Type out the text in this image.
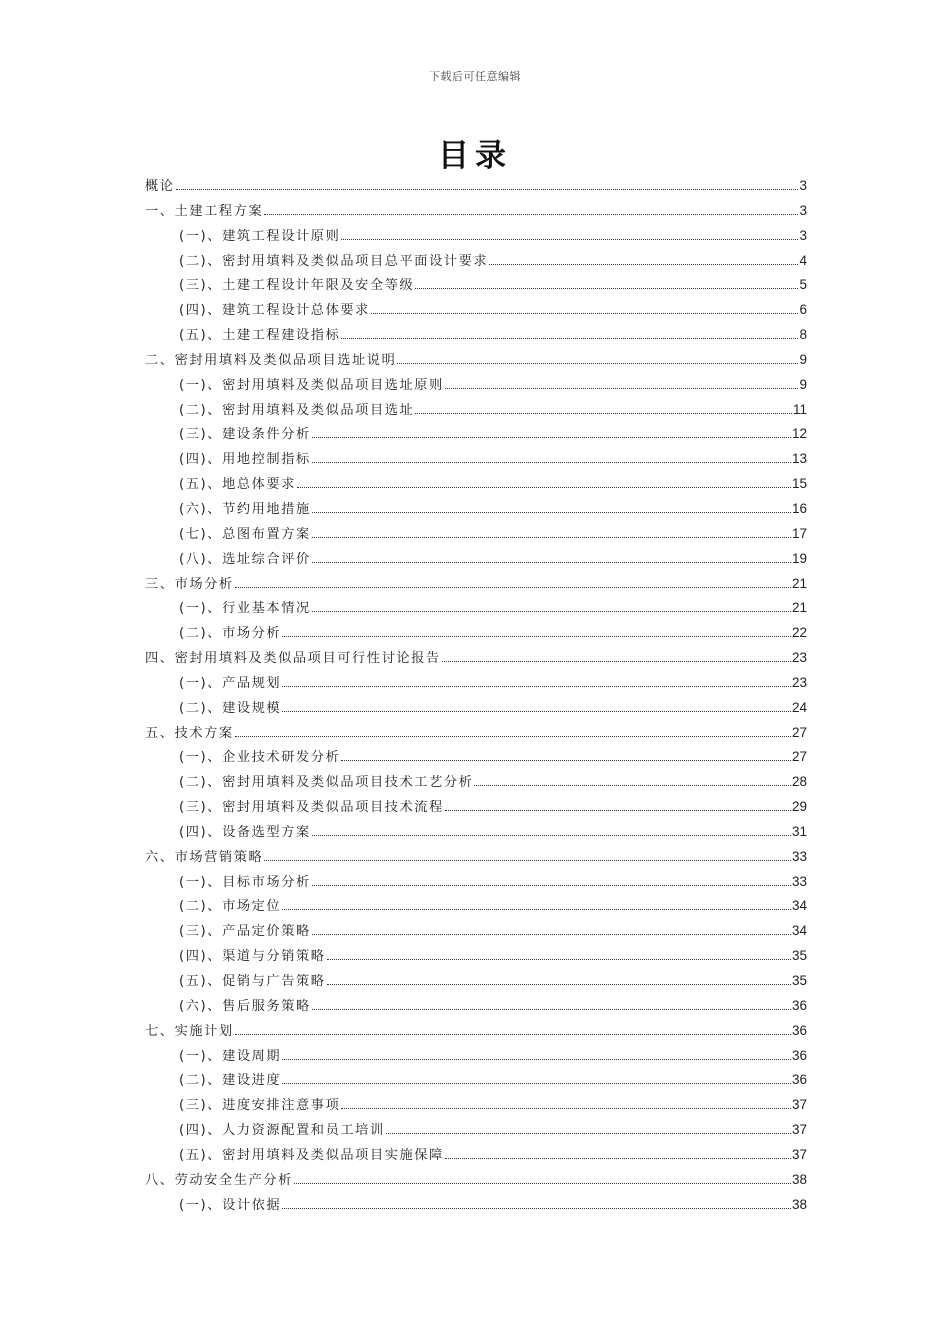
下载后可任意编辑
目录
概论	3
一、土建工程方案	3
(一)、建筑工程设计原则	3
(二)、密封用填料及类似品项目总平面设计要求	4
(三)、土建工程设计年限及安全等级	5
(四)、建筑工程设计总体要求	6
(五)、土建工程建设指标	8
二、密封用填料及类似品项目选址说明	9
(一)、密封用填料及类似品项目选址原则	9
(二)、密封用填料及类似品项目选址	11
(三)、建设条件分析	12
(四)、用地控制指标	13
(五)、地总体要求	15
(六)、节约用地措施	16
(七)、总图布置方案	17
(八)、选址综合评价	19
三、市场分析	21
(一)、行业基本情况	21
(二)、市场分析	22
四、密封用填料及类似品项目可行性讨论报告	23
(一)、产品规划	23
(二)、建设规模	24
五、技术方案	27
(一)、企业技术研发分析	27
(二)、密封用填料及类似品项目技术工艺分析	28
(三)、密封用填料及类似品项目技术流程	29
(四)、设备选型方案	31
六、市场营销策略	33
(一)、目标市场分析	33
(二)、市场定位	34
(三)、产品定价策略	34
(四)、渠道与分销策略	35
(五)、促销与广告策略	35
(六)、售后服务策略	36
七、实施计划	36
(一)、建设周期	36
(二)、建设进度	36
(三)、进度安排注意事项	37
(四)、人力资源配置和员工培训	37
(五)、密封用填料及类似品项目实施保障	37
八、劳动安全生产分析	38
(一)、设计依据	38
